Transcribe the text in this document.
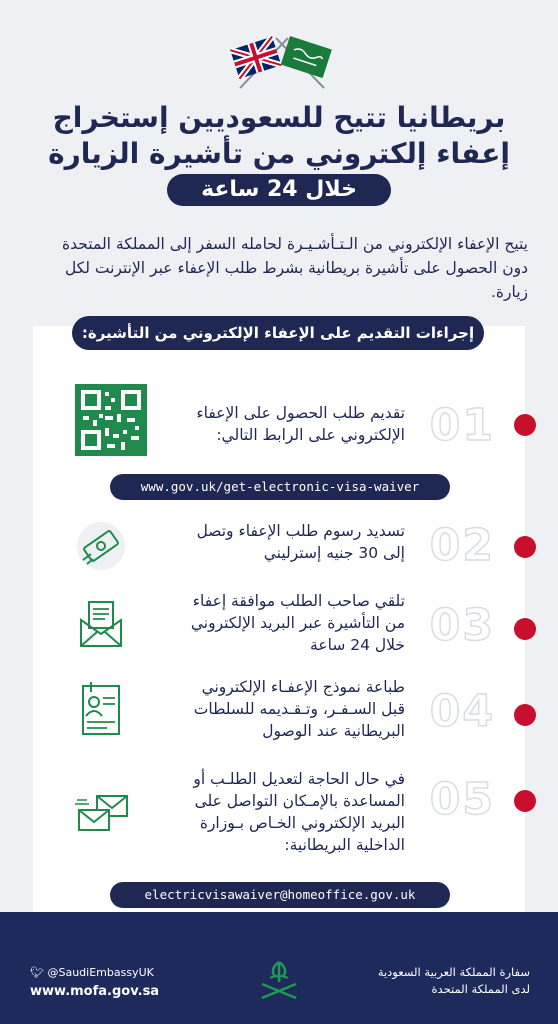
بريطانيا تتيح للسعوديين إستخراج
إعفاء إلكتروني من تأشيرة الزيارة
خلال 24 ساعة
يتيح الإعفاء الإلكتروني من الـتـأشـيـرة لحامله السفر إلى المملكة المتحدة
دون الحصول على تأشيرة بريطانية بشرط طلب الإعفاء عبر الإنترنت لكل زيارة.
إجراءات التقديم على الإعفاء الإلكتروني من التأشيرة:
01
تقديم طلب الحصول على الإعفاء الإلكتروني على الرابط التالي:
www.gov.uk/get-electronic-visa-waiver
02
تسديد رسوم طلب الإعفاء وتصل إلى 30 جنيه إسترليني
03
تلقي صاحب الطلب موافقة إعفاء من التأشيرة عبر البريد الإلكتروني خلال 24 ساعة
04
طباعة نموذج الإعفـاء الإلكتروني قبل السـفـر، وتـقـديمه للسلطات البريطانية عند الوصول
05
في حال الحاجة لتعديل الطلـب أو المساعدة بالإمـكان التواصل على البريد الإلكتروني الخـاص بـوزارة الداخلية البريطانية:
electricvisawaiver@homeoffice.gov.uk
سفارة المملكة العربية السعودية
لدى المملكة المتحدة
🐦︎ @SaudiEmbassyUK
www.mofa.gov.sa
